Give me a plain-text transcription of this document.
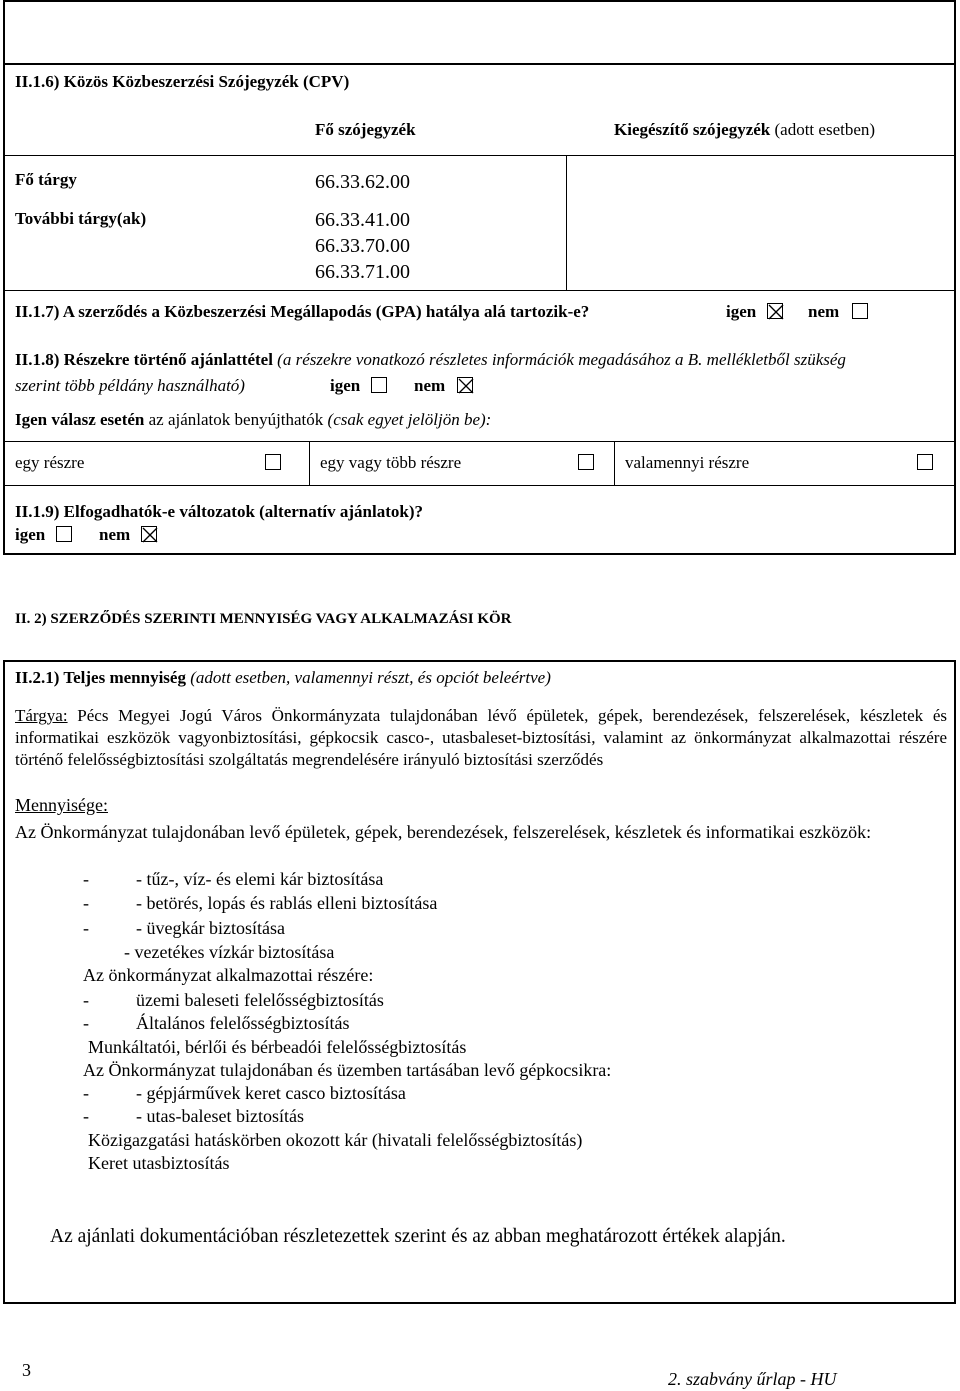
II.1.6) Közös Közbeszerzési Szójegyzék (CPV)
Fő szójegyzék	Kiegészítő szójegyzék (adott esetben)
Fő tárgy	66.33.62.00
További tárgy(ak)	66.33.41.00
66.33.70.00
66.33.71.00
II.1.7) A szerződés a Közbeszerzési Megállapodás (GPA) hatálya alá tartozik-e?	igen	nem
II.1.8) Részekre történő ajánlattétel (a részekre vonatkozó részletes információk megadásához a B. mellékletből szükség
szerint több példány használható)	igen	nem
Igen válasz esetén az ajánlatok benyújthatók (csak egyet jelöljön be):
egy részre	egy vagy több részre	valamennyi részre
II.1.9) Elfogadhatók-e változatok (alternatív ajánlatok)?
igen	nem
II. 2) SZERZŐDÉS SZERINTI MENNYISÉG VAGY ALKALMAZÁSI KÖR
II.2.1) Teljes mennyiség (adott esetben, valamennyi részt, és opciót beleértve)
Tárgya: Pécs Megyei Jogú Város Önkormányzata tulajdonában lévő épületek, gépek, berendezések, felszerelések, készletek és informatikai eszközök vagyonbiztosítási, gépkocsik casco-, utasbaleset-biztosítási, valamint az önkormányzat alkalmazottai részére történő felelősségbiztosítási szolgáltatás megrendelésére irányuló biztosítási szerződés
Mennyisége:
Az Önkormányzat tulajdonában levő épületek, gépek, berendezések, felszerelések, készletek és informatikai eszközök:
-	- tűz-, víz- és elemi kár biztosítása
-	- betörés, lopás és rablás elleni biztosítása
-	- üvegkár biztosítása
- vezetékes vízkár biztosítása
Az önkormányzat alkalmazottai részére:
-	üzemi baleseti felelősségbiztosítás
-	Általános felelősségbiztosítás
Munkáltatói, bérlői és bérbeadói felelősségbiztosítás
Az Önkormányzat tulajdonában és üzemben tartásában levő gépkocsikra:
-	- gépjárművek keret casco biztosítása
-	- utas-baleset biztosítás
Közigazgatási hatáskörben okozott kár (hivatali felelősségbiztosítás)
Keret utasbiztosítás
Az ajánlati dokumentációban részletezettek szerint és az abban meghatározott értékek alapján.
3	2. szabvány űrlap - HU
